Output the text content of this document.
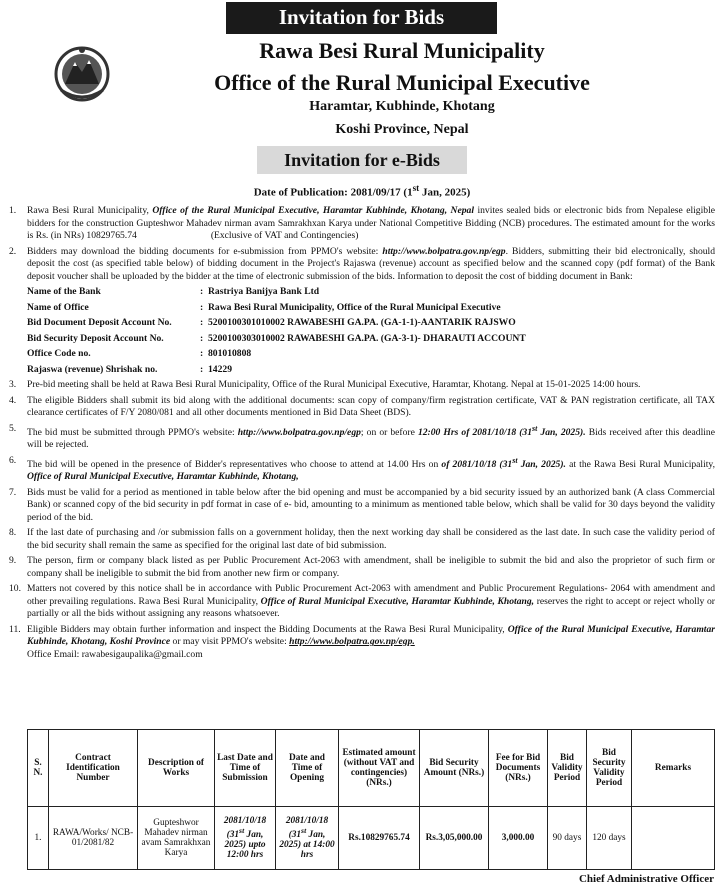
Invitation for Bids
Rawa Besi Rural Municipality
Office of the Rural Municipal Executive
Haramtar, Kubhinde, Khotang
Koshi Province, Nepal
Invitation for e-Bids
Date of Publication: 2081/09/17 (1st Jan, 2025)
1.	Rawa Besi Rural Municipality, Office of the Rural Municipal Executive, Haramtar Kubhinde, Khotang, Nepal invites sealed bids or electronic bids from Nepalese eligible bidders for the construction Gupteshwor Mahadev nirman avam Samrakhxan Karya under National Competitive Bidding (NCB) procedures. The estimated amount for the works is Rs. (in NRs) 10829765.74	(Exclusive of VAT and Contingencies)
2.	Bidders may download the bidding documents for e-submission from PPMO's website: http://www.bolpatra.gov.np/egp. Bidders, submitting their bid electronically, should deposit the cost (as specified table below) of bidding document in the Project's Rajaswa (revenue) account as specified below and the scanned copy (pdf format) of the Bank deposit voucher shall be uploaded by the bidder at the time of electronic submission of the bids. Information to deposit the cost of bidding document in Bank:
Name of the Bank	: Rastriya Banijya Bank Ltd
Name of Office	: Rawa Besi Rural Municipality, Office of the Rural Municipal Executive
Bid Document Deposit Account No.	: 5200100301010002 RAWABESHI GA.PA. (GA-1-1)-AANTARIK RAJSWO
Bid Security Deposit Account No.	: 5200100303010002 RAWABESHI GA.PA. (GA-3-1)- DHARAUTI ACCOUNT
Office Code no.	: 801010808
Rajaswa (revenue) Shrishak no.	: 14229
3.	Pre-bid meeting shall be held at Rawa Besi Rural Municipality, Office of the Rural Municipal Executive, Haramtar, Khotang. Nepal at 15-01-2025 14:00 hours.
4.	The eligible Bidders shall submit its bid along with the additional documents: scan copy of company/firm registration certificate, VAT & PAN registration certificate, all TAX clearance certificates of F/Y 2080/081 and all other documents mentioned in Bid Data Sheet (BDS).
5.	The bid must be submitted through PPMO's website: http://www.bolpatra.gov.np/egp; on or before 12:00 Hrs of 2081/10/18 (31st Jan, 2025). Bids received after this deadline will be rejected.
6.	The bid will be opened in the presence of Bidder's representatives who choose to attend at 14.00 Hrs on of 2081/10/18 (31st Jan, 2025). at the Rawa Besi Rural Municipality, Office of Rural Municipal Executive, Haramtar Kubhinde, Khotang,
7.	Bids must be valid for a period as mentioned in table below after the bid opening and must be accompanied by a bid security issued by an authorized bank (A class Commercial Bank) or scanned copy of the bid security in pdf format in case of e- bid, amounting to a minimum as mentioned table below, which shall be valid for 30 days beyond the validity period of the bid.
8.	If the last date of purchasing and /or submission falls on a government holiday, then the next working day shall be considered as the last date. In such case the validity period of the bid security shall remain the same as specified for the original last date of bid submission.
9.	The person, firm or company black listed as per Public Procurement Act-2063 with amendment, shall be ineligible to submit the bid and also the proprietor of such firm or company shall be ineligible to submit the bid from another new firm or company.
10. Matters not covered by this notice shall be in accordance with Public Procurement Act-2063 with amendment and Public Procurement Regulations- 2064 with amendment and other prevailing regulations. Rawa Besi Rural Municipality, Office of Rural Municipal Executive, Haramtar Kubhinde, Khotang, reserves the right to accept or reject wholly or partially or all the bids without assigning any reasons whatsoever.
11. Eligible Bidders may obtain further information and inspect the Bidding Documents at the Rawa Besi Rural Municipality, Office of the Rural Municipal Executive, Haramtar Kubhinde, Khotang, Koshi Province or may visit PPMO's website: http://www.bolpatra.gov.np/egp.
Office Email: rawabesigaupalika@gmail.com
S. N.	Contract Identification Number	Description of Works	Last Date and Time of Submission	Date and Time of Opening	Estimated amount (without VAT and contingencies) (NRs.)	Bid Security Amount (NRs.)	Fee for Bid Documents (NRs.)	Bid Validity Period	Bid Security Validity Period	Remarks
1.	RAWA/Works/ NCB-01/2081/82	Gupteshwor Mahadev nirman avam Samrakhxan Karya	2081/10/18 (31st Jan, 2025) upto 12:00 hrs	2081/10/18 (31st Jan, 2025) at 14:00 hrs	Rs.10829765.74	Rs.3,05,000.00	3,000.00	90 days	120 days	
Chief Administrative Officer
